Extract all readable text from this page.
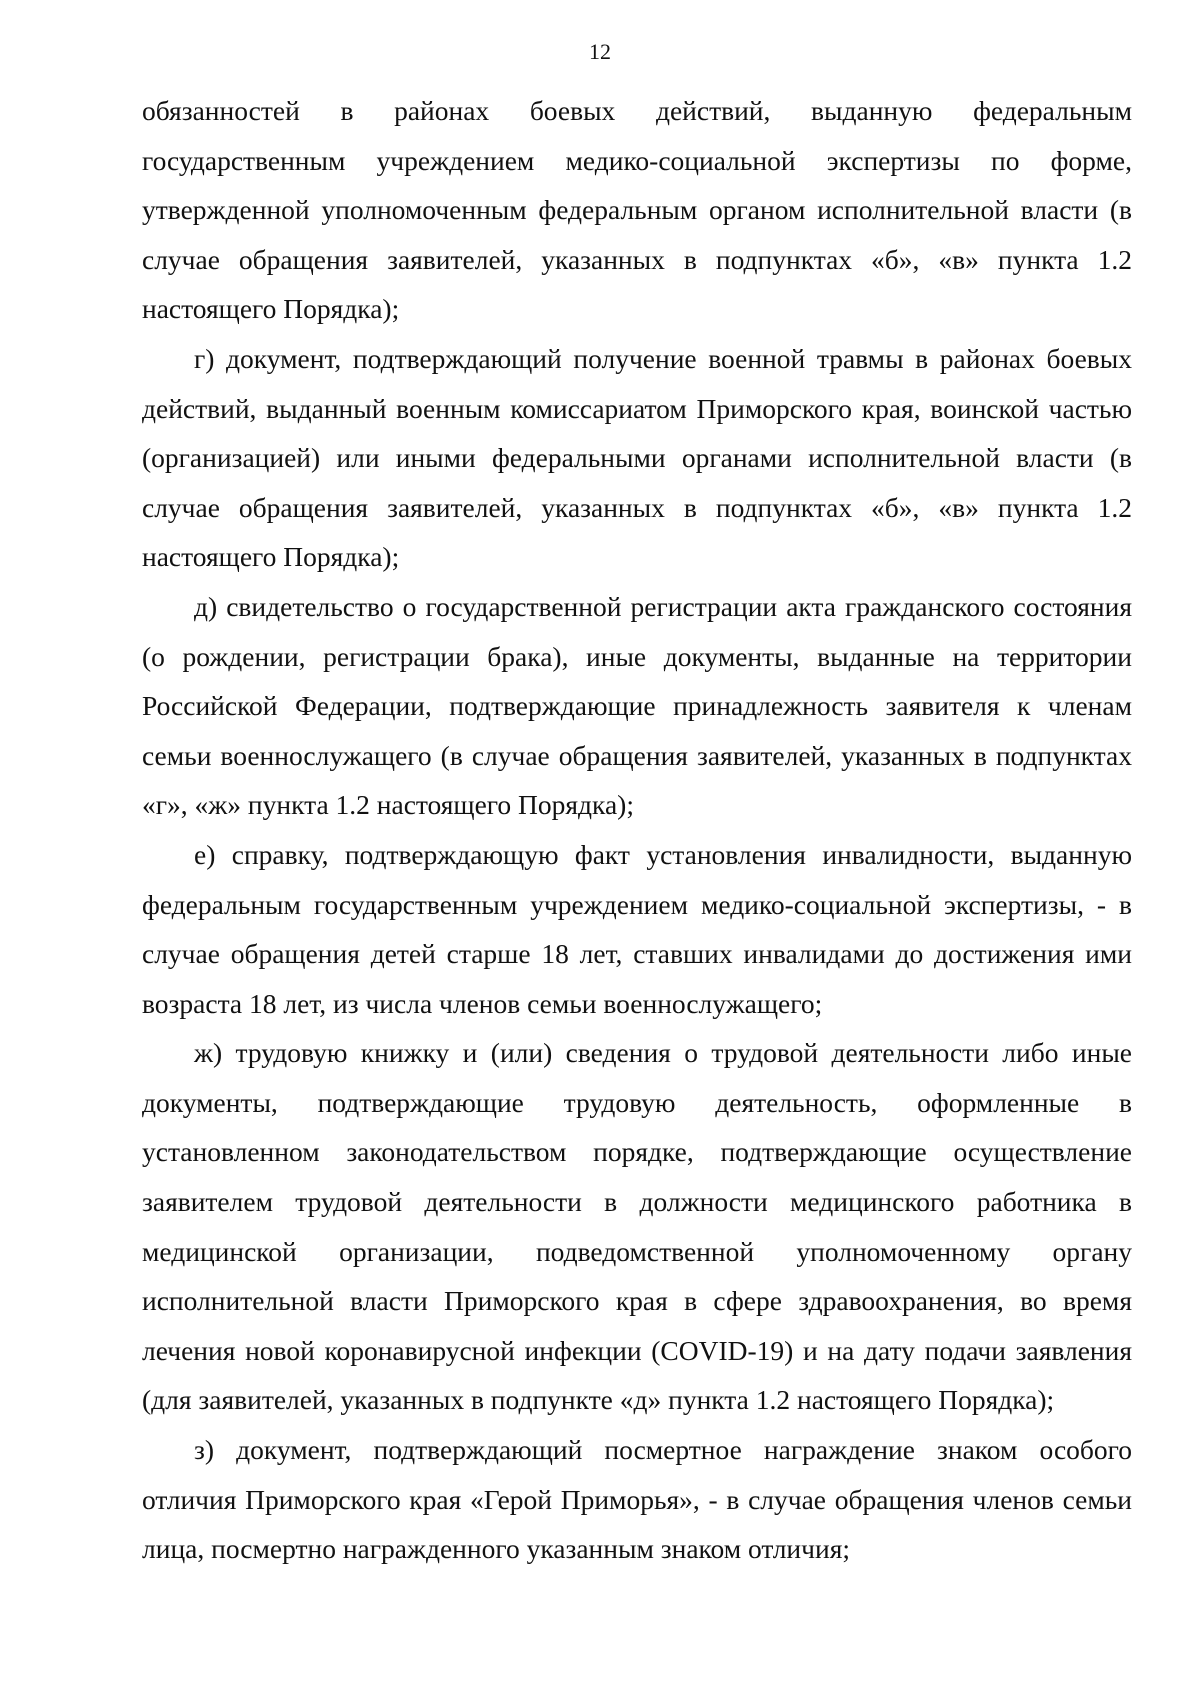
12

обязанностей в районах боевых действий, выданную федеральным государственным учреждением медико-социальной экспертизы по форме, утвержденной уполномоченным федеральным органом исполнительной власти (в случае обращения заявителей, указанных в подпунктах «б», «в» пункта 1.2 настоящего Порядка);

г) документ, подтверждающий получение военной травмы в районах боевых действий, выданный военным комиссариатом Приморского края, воинской частью (организацией) или иными федеральными органами исполнительной власти (в случае обращения заявителей, указанных в подпунктах «б», «в» пункта 1.2 настоящего Порядка);

д) свидетельство о государственной регистрации акта гражданского состояния (о рождении, регистрации брака), иные документы, выданные на территории Российской Федерации, подтверждающие принадлежность заявителя к членам семьи военнослужащего (в случае обращения заявителей, указанных в подпунктах «г», «ж» пункта 1.2 настоящего Порядка);

е) справку, подтверждающую факт установления инвалидности, выданную федеральным государственным учреждением медико-социальной экспертизы, - в случае обращения детей старше 18 лет, ставших инвалидами до достижения ими возраста 18 лет, из числа членов семьи военнослужащего;

ж) трудовую книжку и (или) сведения о трудовой деятельности либо иные документы, подтверждающие трудовую деятельность, оформленные в установленном законодательством порядке, подтверждающие осуществление заявителем трудовой деятельности в должности медицинского работника в медицинской организации, подведомственной уполномоченному органу исполнительной власти Приморского края в сфере здравоохранения, во время лечения новой коронавирусной инфекции (COVID-19) и на дату подачи заявления (для заявителей, указанных в подпункте «д» пункта 1.2 настоящего Порядка);

з) документ, подтверждающий посмертное награждение знаком особого отличия Приморского края «Герой Приморья», - в случае обращения членов семьи лица, посмертно награжденного указанным знаком отличия;
